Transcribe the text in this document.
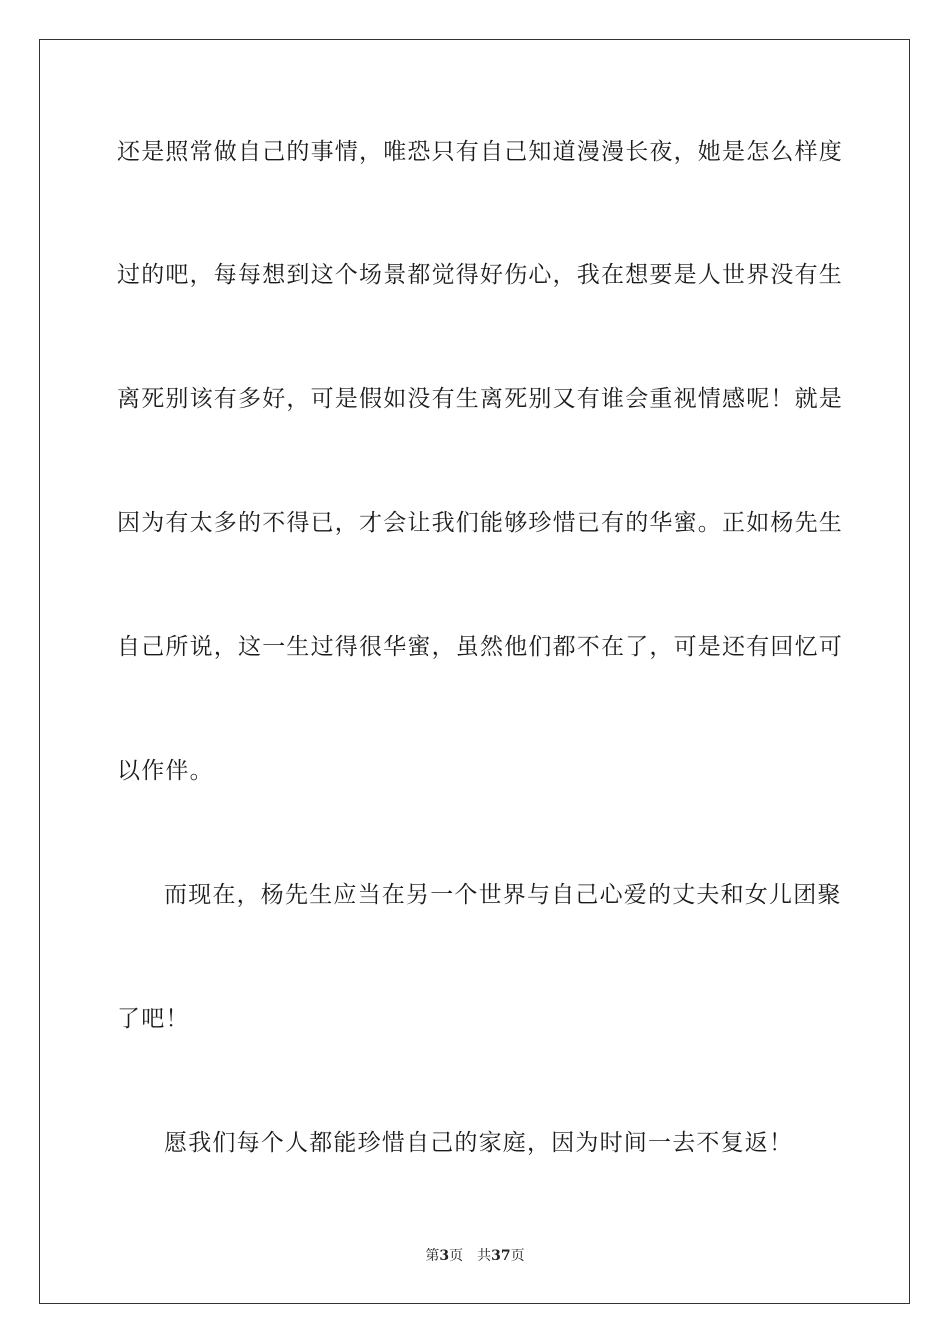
还是照常做自己的事情，唯恐只有自己知道漫漫长夜，她是怎么样度
过的吧，每每想到这个场景都觉得好伤心，我在想要是人世界没有生
离死别该有多好，可是假如没有生离死别又有谁会重视情感呢！就是
因为有太多的不得已，才会让我们能够珍惜已有的华蜜。正如杨先生
自己所说，这一生过得很华蜜，虽然他们都不在了，可是还有回忆可
以作伴。
而现在，杨先生应当在另一个世界与自己心爱的丈夫和女儿团聚
了吧！
愿我们每个人都能珍惜自己的家庭，因为时间一去不复返！
第3页 共37页
